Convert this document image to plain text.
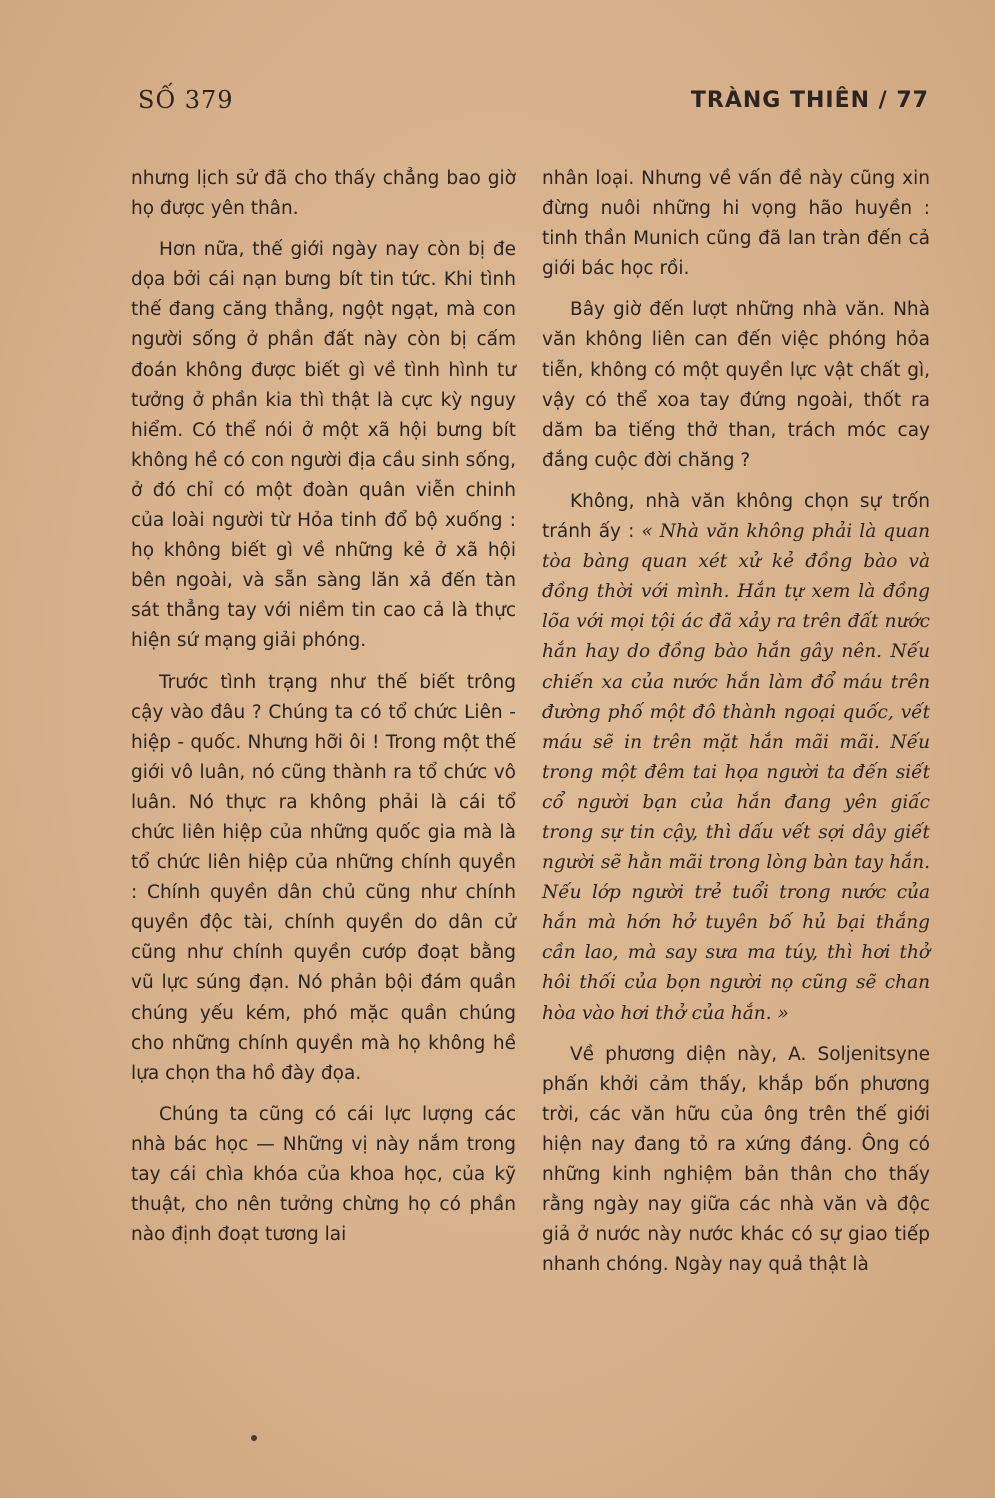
SỐ 379	TRÀNG THIÊN / 77

nhưng lịch sử đã cho thấy chẳng bao giờ họ được yên thân.

Hơn nữa, thế giới ngày nay còn bị đe dọa bởi cái nạn bưng bít tin tức. Khi tình thế đang căng thẳng, ngột ngạt, mà con người sống ở phần đất này còn bị cấm đoán không được biết gì về tình hình tư tưởng ở phần kia thì thật là cực kỳ nguy hiểm. Có thể nói ở một xã hội bưng bít không hề có con người địa cầu sinh sống, ở đó chỉ có một đoàn quân viễn chinh của loài người từ Hỏa tinh đổ bộ xuống : họ không biết gì về những kẻ ở xã hội bên ngoài, và sẵn sàng lăn xả đến tàn sát thẳng tay với niềm tin cao cả là thực hiện sứ mạng giải phóng.

Trước tình trạng như thế biết trông cậy vào đâu ? Chúng ta có tổ chức Liên - hiệp - quốc. Nhưng hỡi ôi ! Trong một thế giới vô luân, nó cũng thành ra tổ chức vô luân. Nó thực ra không phải là cái tổ chức liên hiệp của những quốc gia mà là tổ chức liên hiệp của những chính quyền : Chính quyền dân chủ cũng như chính quyền độc tài, chính quyền do dân cử cũng như chính quyền cướp đoạt bằng vũ lực súng đạn. Nó phản bội đám quần chúng yếu kém, phó mặc quần chúng cho những chính quyền mà họ không hề lựa chọn tha hồ đày đọa.

Chúng ta cũng có cái lực lượng các nhà bác học — Những vị này nắm trong tay cái chìa khóa của khoa học, của kỹ thuật, cho nên tưởng chừng họ có phần nào định đoạt tương lai

nhân loại. Nhưng về vấn đề này cũng xin đừng nuôi những hi vọng hão huyền : tinh thần Munich cũng đã lan tràn đến cả giới bác học rồi.

Bây giờ đến lượt những nhà văn. Nhà văn không liên can đến việc phóng hỏa tiễn, không có một quyền lực vật chất gì, vậy có thể xoa tay đứng ngoài, thốt ra dăm ba tiếng thở than, trách móc cay đắng cuộc đời chăng ?

Không, nhà văn không chọn sự trốn tránh ấy : « Nhà văn không phải là quan tòa bàng quan xét xử kẻ đồng bào và đồng thời với mình. Hắn tự xem là đồng lõa với mọi tội ác đã xảy ra trên đất nước hắn hay do đồng bào hắn gây nên. Nếu chiến xa của nước hắn làm đổ máu trên đường phố một đô thành ngoại quốc, vết máu sẽ in trên mặt hắn mãi mãi. Nếu trong một đêm tai họa người ta đến siết cổ người bạn của hắn đang yên giấc trong sự tin cậy, thì dấu vết sợi dây giết người sẽ hằn mãi trong lòng bàn tay hắn. Nếu lớp người trẻ tuổi trong nước của hắn mà hớn hở tuyên bố hủ bại thắng cần lao, mà say sưa ma túy, thì hơi thở hôi thối của bọn người nọ cũng sẽ chan hòa vào hơi thở của hắn. »

Về phương diện này, A. Soljenitsyne phấn khởi cảm thấy, khắp bốn phương trời, các văn hữu của ông trên thế giới hiện nay đang tỏ ra xứng đáng. Ông có những kinh nghiệm bản thân cho thấy rằng ngày nay giữa các nhà văn và độc giả ở nước này nước khác có sự giao tiếp nhanh chóng. Ngày nay quả thật là
